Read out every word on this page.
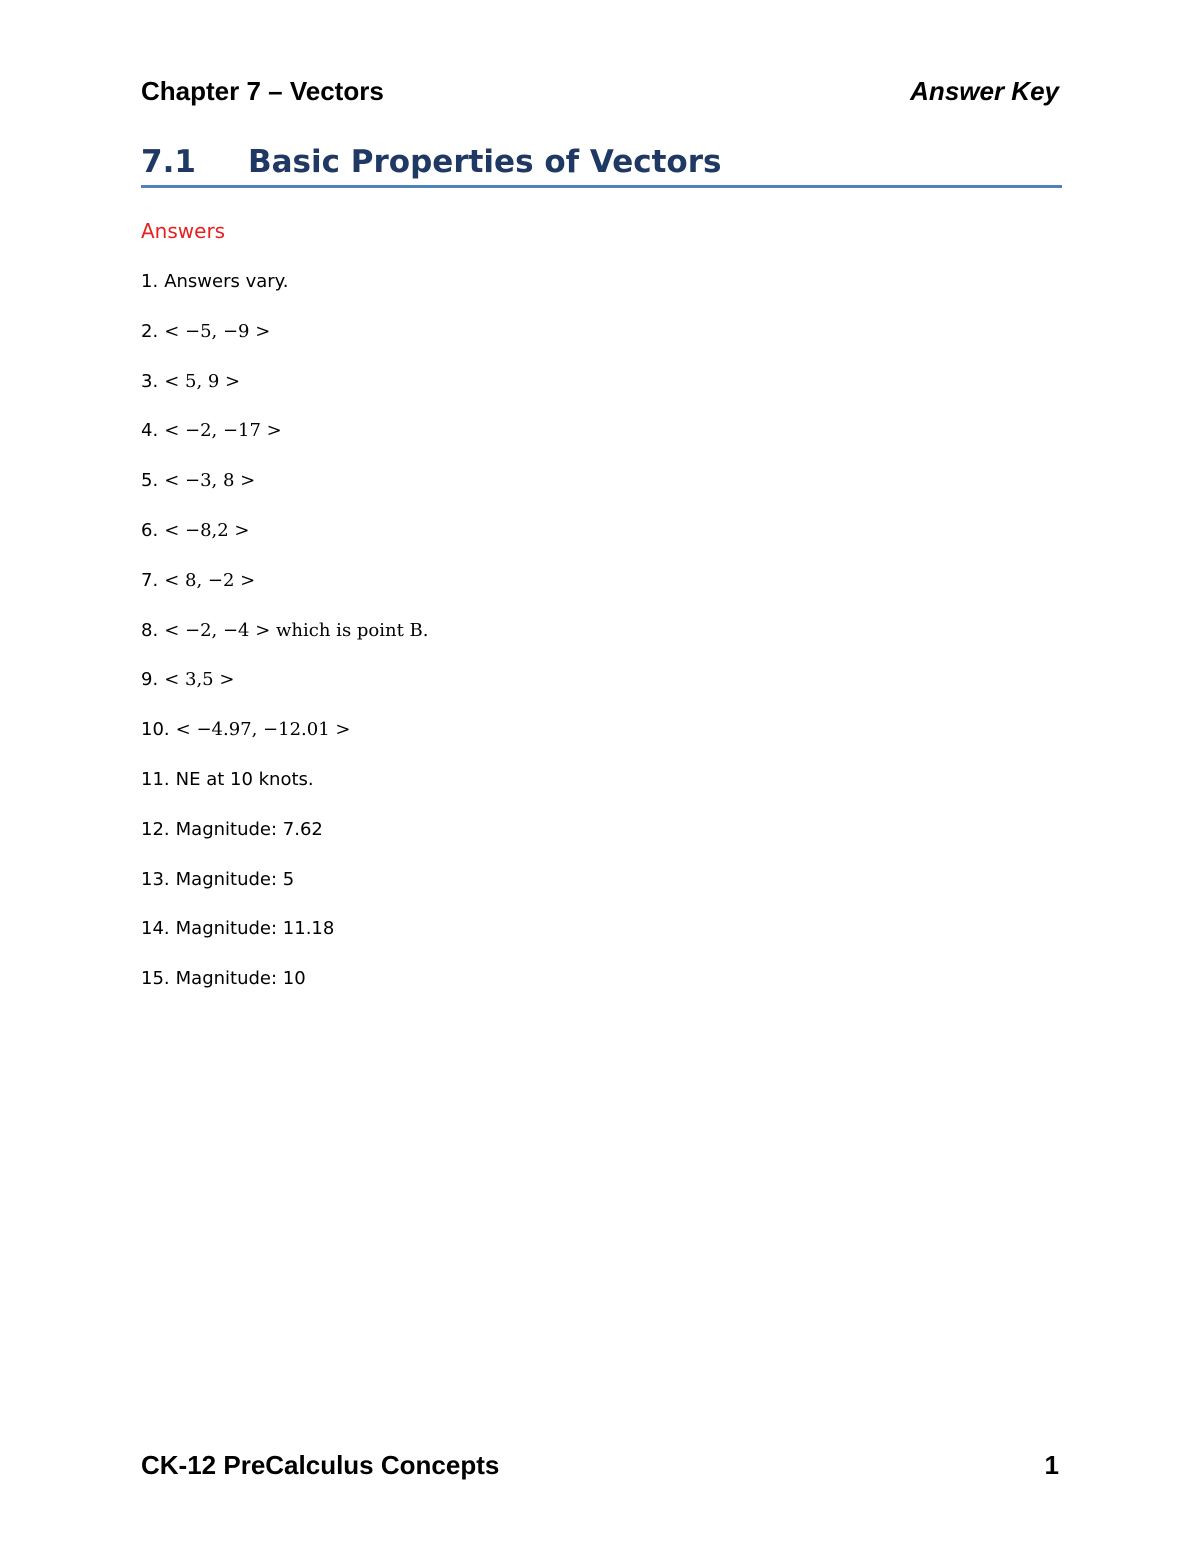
Chapter 7 – Vectors	Answer Key
7.1	Basic Properties of Vectors
Answers
1. Answers vary.
2. < −5, −9 >
3. < 5, 9 >
4. < −2, −17 >
5. < −3, 8 >
6. < −8,2 >
7. < 8, −2 >
8. < −2, −4 > which is point B.
9. < 3,5 >
10. < −4.97, −12.01 >
11. NE at 10 knots.
12. Magnitude: 7.62
13. Magnitude: 5
14. Magnitude: 11.18
15. Magnitude: 10
CK-12 PreCalculus Concepts	1
